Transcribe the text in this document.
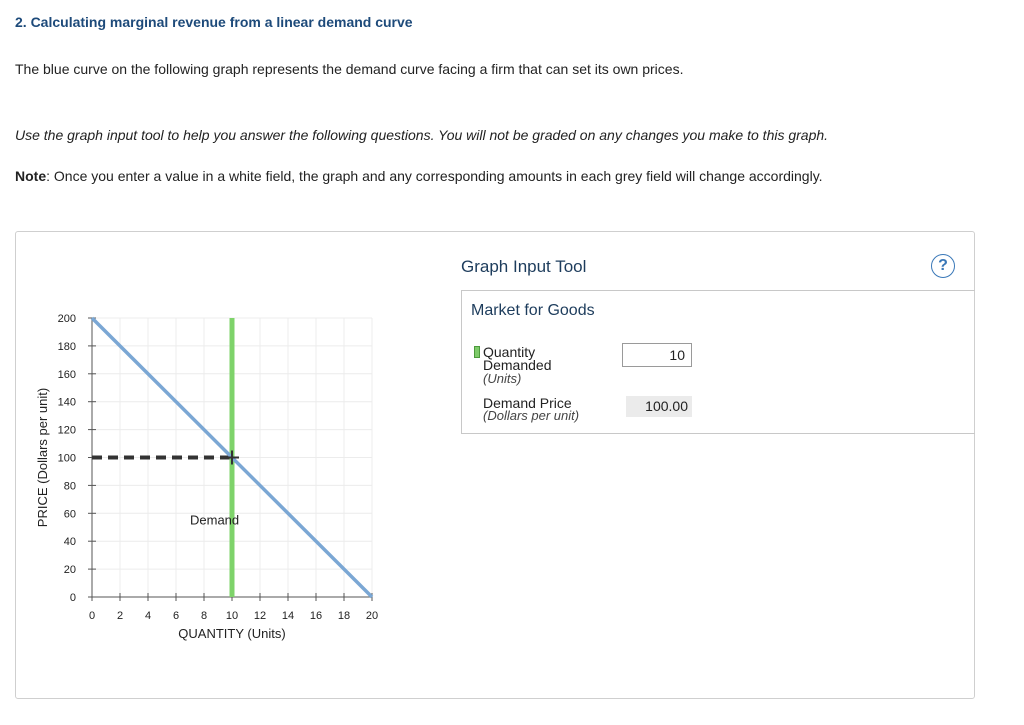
2. Calculating marginal revenue from a linear demand curve
The blue curve on the following graph represents the demand curve facing a firm that can set its own prices.
Use the graph input tool to help you answer the following questions. You will not be graded on any changes you make to this graph.
Note: Once you enter a value in a white field, the graph and any corresponding amounts in each grey field will change accordingly.
0 2 4 6 8 10 12 14 16 18 20
0
20
40
60
80
100
120
140
160
180
200
QUANTITY (Units)
PRICE (Dollars per unit)	Demand
Graph Input Tool	?
Market for Goods
Quantity
Demanded
(Units)
10
Demand Price
(Dollars per unit)
100.00
